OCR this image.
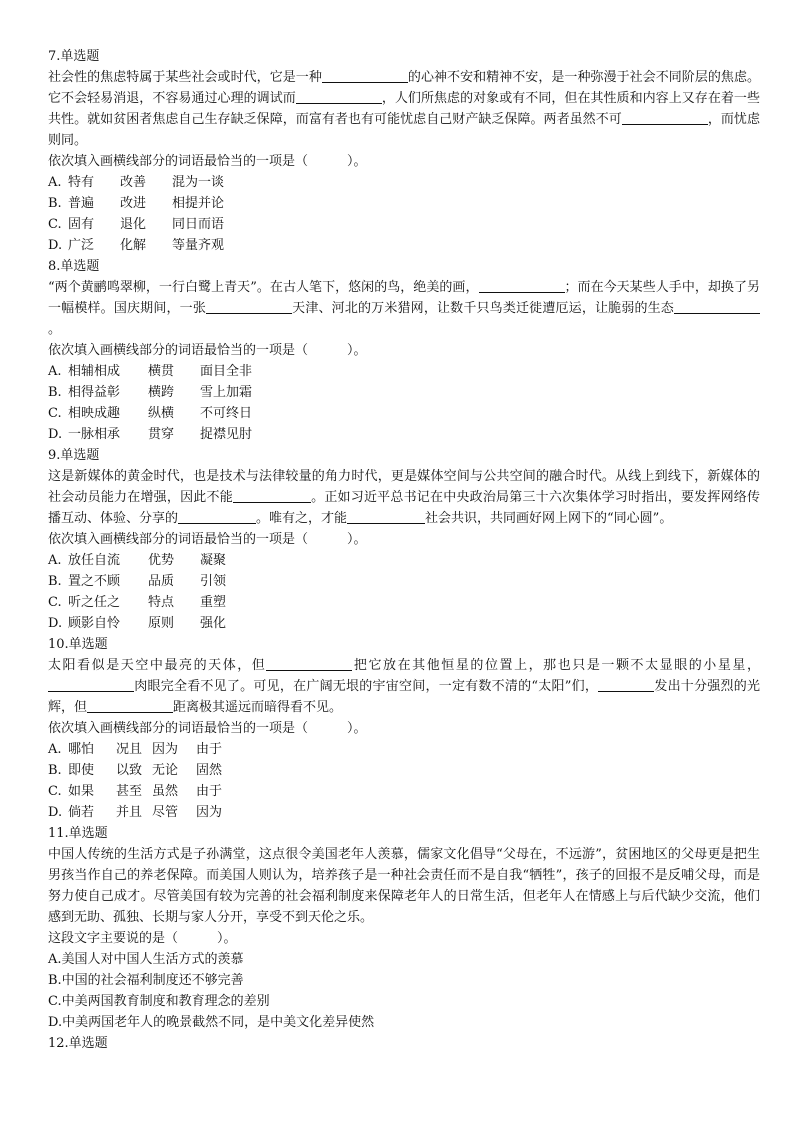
7.单选题

社会性的焦虑特属于某些社会或时代，它是一种	的心神不安和精神不安，是一种弥漫于社会不同阶层的焦虑。它不会轻易消退，不容易通过心理的调试而	，人们所焦虑的对象或有不同，但在其性质和内容上又存在着一些共性。就如贫困者焦虑自己生存缺乏保障，而富有者也有可能忧虑自己财产缺乏保障。两者虽然不可	，而忧虑则同。

依次填入画横线部分的词语最恰当的一项是（　　　）。
A. 特有 改善 混为一谈
B. 普遍 改进 相提并论
C. 固有 退化 同日而语
D. 广泛 化解 等量齐观
8.单选题

“两个黄鹂鸣翠柳，一行白鹭上青天”。在古人笔下，悠闲的鸟，绝美的画，	；而在今天某些人手中，却换了另一幅模样。国庆期间，一张	天津、河北的万米猎网，让数千只鸟类迁徙遭厄运，让脆弱的生态。

依次填入画横线部分的词语最恰当的一项是（　　　）。
A. 相辅相成 横贯 面目全非
B. 相得益彰 横跨 雪上加霜
C. 相映成趣 纵横 不可终日
D. 一脉相承 贯穿 捉襟见肘
9.单选题

这是新媒体的黄金时代，也是技术与法律较量的角力时代，更是媒体空间与公共空间的融合时代。从线上到线下，新媒体的社会动员能力在增强，因此不能	。正如习近平总书记在中央政治局第三十六次集体学习时指出，要发挥网络传播互动、体验、分享的	。唯有之，才能	社会共识，共同画好网上网下的“同心圆”。

依次填入画横线部分的词语最恰当的一项是（　　　）。
A. 放任自流 优势 凝聚
B. 置之不顾 品质 引领
C. 听之任之 特点 重塑
D. 顾影自怜 原则 强化
10.单选题

太阳看似是天空中最亮的天体，但	把它放在其他恒星的位置上，那也只是一颗不太显眼的小星星，肉眼完全看不见了。可见，在广阔无垠的宇宙空间，一定有数不清的“太阳”们，	发出十分强烈的光辉，但	距离极其遥远而暗得看不见。

依次填入画横线部分的词语最恰当的一项是（　　　）。
A. 哪怕 况且 因为 由于
B. 即使 以致 无论 固然
C. 如果 甚至 虽然 由于
D. 倘若 并且 尽管 因为
11.单选题

中国人传统的生活方式是子孙满堂，这点很令美国老年人羡慕，儒家文化倡导“父母在，不远游”，贫困地区的父母更是把生男孩当作自己的养老保障。而美国人则认为，培养孩子是一种社会责任而不是自我“牺牲”，孩子的回报不是反哺父母，而是努力使自己成才。尽管美国有较为完善的社会福利制度来保障老年人的日常生活，但老年人在情感上与后代缺少交流，他们感到无助、孤独、长期与家人分开，享受不到天伦之乐。

这段文字主要说的是（　　　）。
A.美国人对中国人生活方式的羡慕
B.中国的社会福利制度还不够完善
C.中美两国教育制度和教育理念的差别
D.中美两国老年人的晚景截然不同，是中美文化差异使然
12.单选题
